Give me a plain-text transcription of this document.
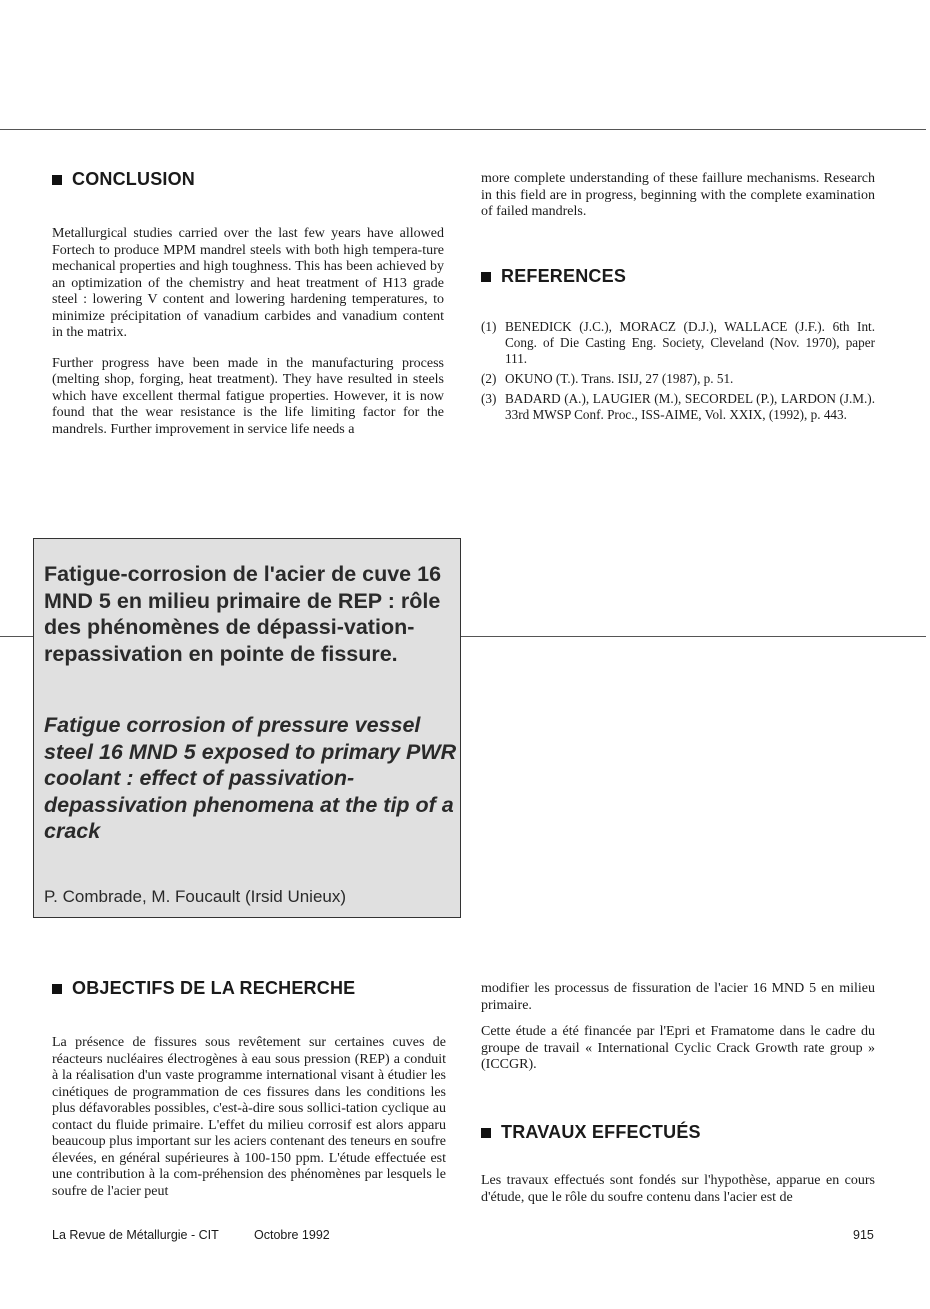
CONCLUSION

Metallurgical studies carried over the last few years have allowed Fortech to produce MPM mandrel steels with both high tempera-ture mechanical properties and high toughness. This has been achieved by an optimization of the chemistry and heat treatment of H13 grade steel : lowering V content and lowering hardening temperatures, to minimize précipitation of vanadium carbides and vanadium content in the matrix.

Further progress have been made in the manufacturing process (melting shop, forging, heat treatment). They have resulted in steels which have excellent thermal fatigue properties. However, it is now found that the wear resistance is the life limiting factor for the mandrels. Further improvement in service life needs a

more complete understanding of these faillure mechanisms. Research in this field are in progress, beginning with the complete examination of failed mandrels.

REFERENCES
(1) BENEDICK (J.C.), MORACZ (D.J.), WALLACE (J.F.). 6th Int. Cong. of Die Casting Eng. Society, Cleveland (Nov. 1970), paper 111.
(2) OKUNO (T.). Trans. ISIJ, 27 (1987), p. 51.
(3) BADARD (A.), LAUGIER (M.), SECORDEL (P.), LARDON (J.M.). 33rd MWSP Conf. Proc., ISS-AIME, Vol. XXIX, (1992), p. 443.

Fatigue-corrosion de l'acier de cuve 16 MND 5 en milieu primaire de REP : rôle des phénomènes de dépassi-vation-repassivation en pointe de fissure.

Fatigue corrosion of pressure vessel steel 16 MND 5 exposed to primary PWR coolant : effect of passivation-depassivation phenomena at the tip of a crack

P. Combrade, M. Foucault (Irsid Unieux)

OBJECTIFS DE LA RECHERCHE

La présence de fissures sous revêtement sur certaines cuves de réacteurs nucléaires électrogènes à eau sous pression (REP) a conduit à la réalisation d'un vaste programme international visant à étudier les cinétiques de programmation de ces fissures dans les conditions les plus défavorables possibles, c'est-à-dire sous sollici-tation cyclique au contact du fluide primaire. L'effet du milieu corrosif est alors apparu beaucoup plus important sur les aciers contenant des teneurs en soufre élevées, en général supérieures à 100-150 ppm. L'étude effectuée est une contribution à la com-préhension des phénomènes par lesquels le soufre de l'acier peut

modifier les processus de fissuration de l'acier 16 MND 5 en milieu primaire.

Cette étude a été financée par l'Epri et Framatome dans le cadre du groupe de travail « International Cyclic Crack Growth rate group » (ICCGR).

TRAVAUX EFFECTUÉS

Les travaux effectués sont fondés sur l'hypothèse, apparue en cours d'étude, que le rôle du soufre contenu dans l'acier est de

La Revue de Métallurgie - CIT	Octobre 1992	915
